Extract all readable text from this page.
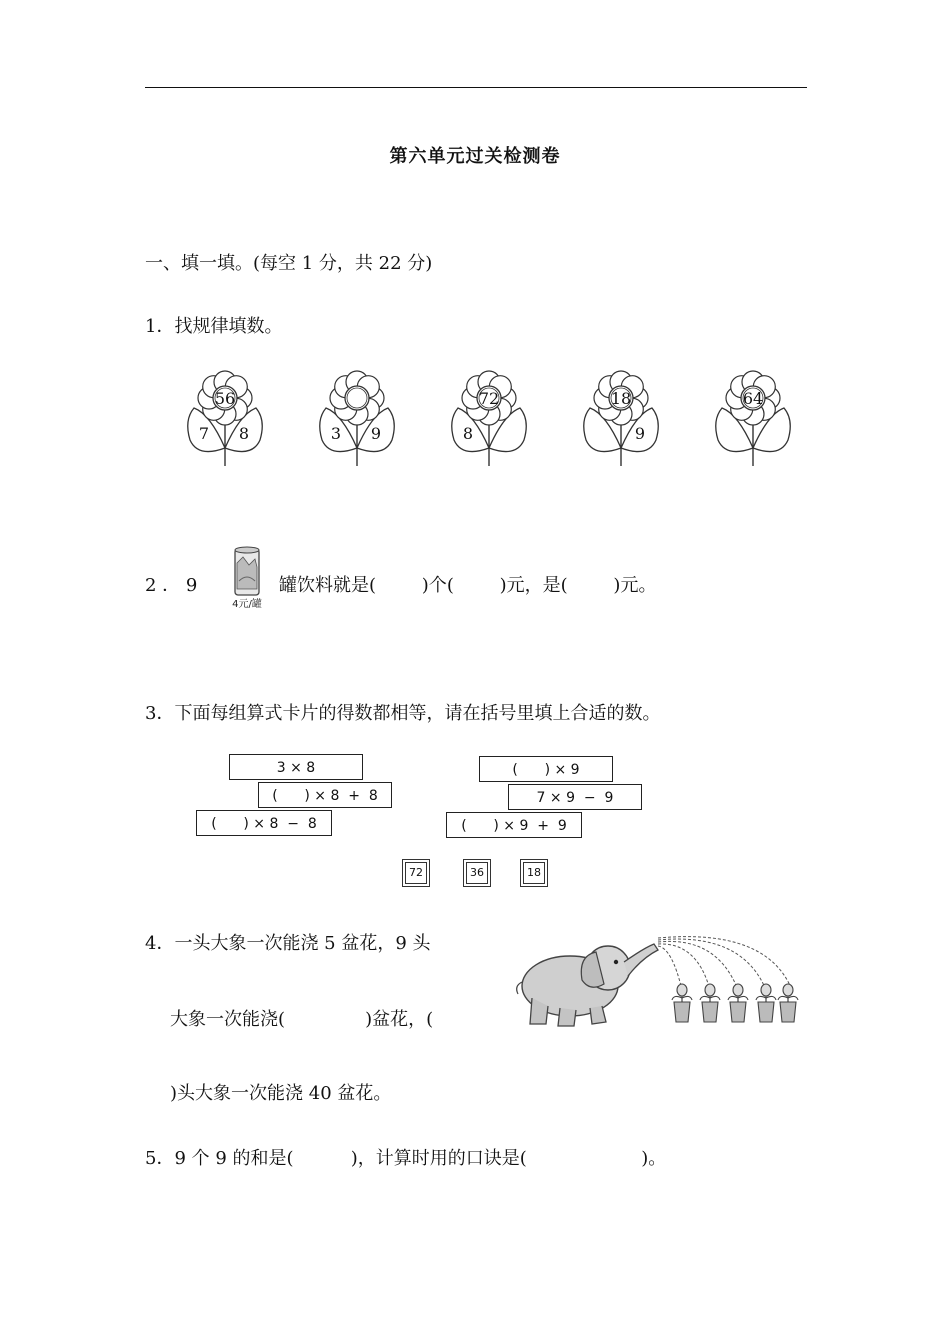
第六单元过关检测卷
一、填一填。(每空 1 分，共 22 分)
1．找规律填数。
56
7 8	3 9
72
8
18
9
64
2 ． 9
4元/罐
罐饮料就是(        )个(        )元，是(        )元。
3．下面每组算式卡片的得数都相等，请在括号里填上合适的数。
3 × 8
(      ) × 8  +  8
(      ) × 8  −  8
(      ) × 9
7 × 9  −  9
(      ) × 9  +  9
72	36	18
4．一头大象一次能浇 5 盆花，9 头
大象一次能浇(              )盆花，(
)头大象一次能浇 40 盆花。
5．9 个 9 的和是(          )，计算时用的口诀是(                    )。
